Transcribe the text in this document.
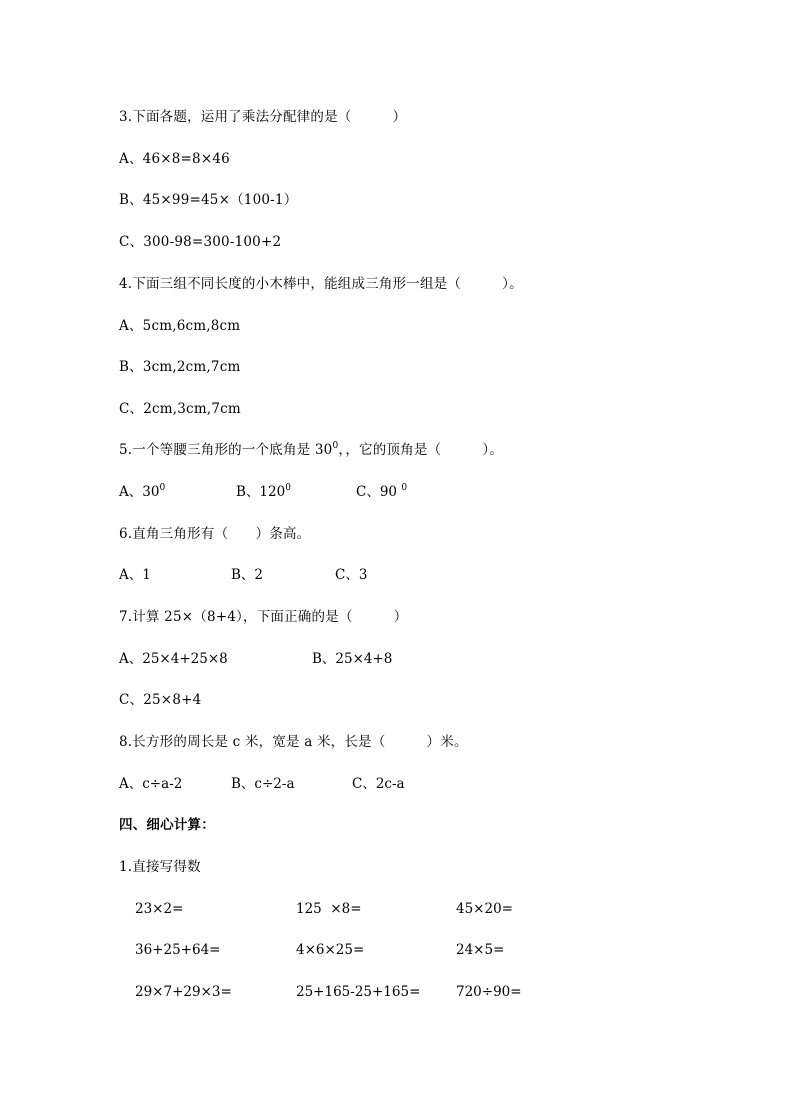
3.下面各题，运用了乘法分配律的是（　　　）
A、46×8=8×46
B、45×99=45×（100-1）
C、300-98=300-100+2
4.下面三组不同长度的小木棒中，能组成三角形一组是（　　　）。
A、5cm,6cm,8cm
B、3cm,2cm,7cm
C、2cm,3cm,7cm
5.一个等腰三角形的一个底角是 $30^0$，，它的顶角是（　　　）。
A、$30^0$	B、$120^0$	C、90 $^0$
6.直角三角形有（　　）条高。
A、1	B、2	C、3
7.计算 25×（8+4），下面正确的是（　　　）
A、25×4+25×8	B、25×4+8
C、25×8+4
8.长方形的周长是 c 米，宽是 a 米，长是（　　　）米。
A、c÷a-2	B、c÷2-a	C、2c-a
四、细心计算：
1.直接写得数
23×2=	125  ×8=	45×20=
36+25+64=	4×6×25=	24×5=
29×7+29×3=	25+165-25+165=	720÷90=
